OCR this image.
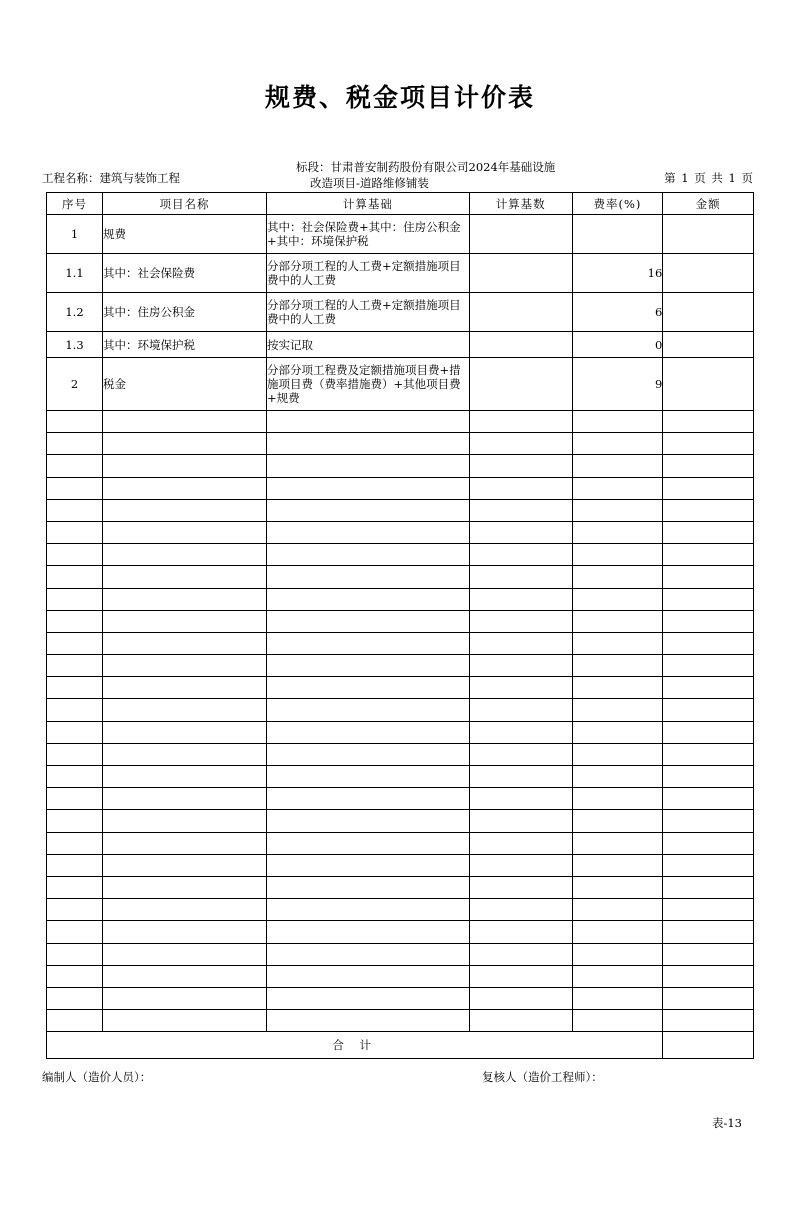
规费、税金项目计价表
工程名称：建筑与装饰工程
标段：甘肃普安制药股份有限公司2024年基础设施
改造项目-道路维修铺装	第 1 页 共 1 页
序号	项目名称	计算基础	计算基数	费率(%)	金额
1	规费	其中：社会保险费+其中：住房公积金+其中：环境保护税			
1.1	其中：社会保险费	分部分项工程的人工费+定额措施项目费中的人工费		16	
1.2	其中：住房公积金	分部分项工程的人工费+定额措施项目费中的人工费		6	
1.3	其中：环境保护税	按实记取		0	
2	税金	分部分项工程费及定额措施项目费+措施项目费（费率措施费）+其他项目费+规费		9	

合 计					
编制人（造价人员）：	复核人（造价工程师）：
表-13
